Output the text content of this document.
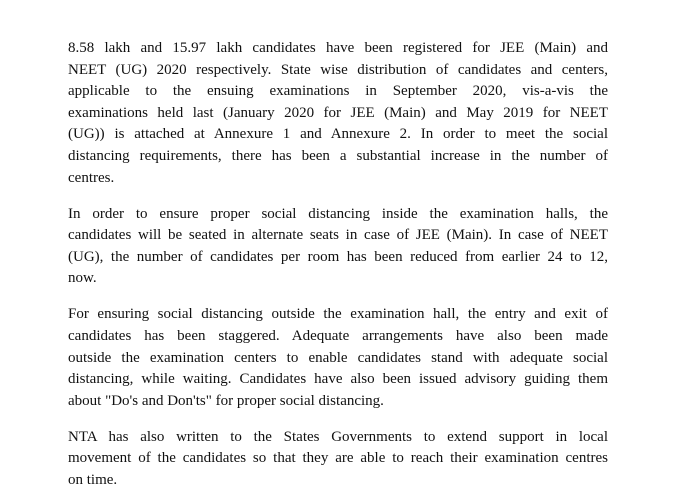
8.58 lakh and 15.97 lakh candidates have been registered for JEE (Main) and
NEET (UG) 2020 respectively. State wise distribution of candidates and centers,
applicable to the ensuing examinations in September 2020, vis-a-vis the
examinations held last (January 2020 for JEE (Main) and May 2019 for NEET
(UG)) is attached at Annexure 1 and Annexure 2. In order to meet the social
distancing requirements, there has been a substantial increase in the number of
centres.

In order to ensure proper social distancing inside the examination halls, the
candidates will be seated in alternate seats in case of JEE (Main). In case of NEET
(UG), the number of candidates per room has been reduced from earlier 24 to 12,
now.

For ensuring social distancing outside the examination hall, the entry and exit of
candidates has been staggered. Adequate arrangements have also been made
outside the examination centers to enable candidates stand with adequate social
distancing, while waiting. Candidates have also been issued advisory guiding them
about "Do's and Don'ts" for proper social distancing.

NTA has also written to the States Governments to extend support in local
movement of the candidates so that they are able to reach their examination centres
on time.
